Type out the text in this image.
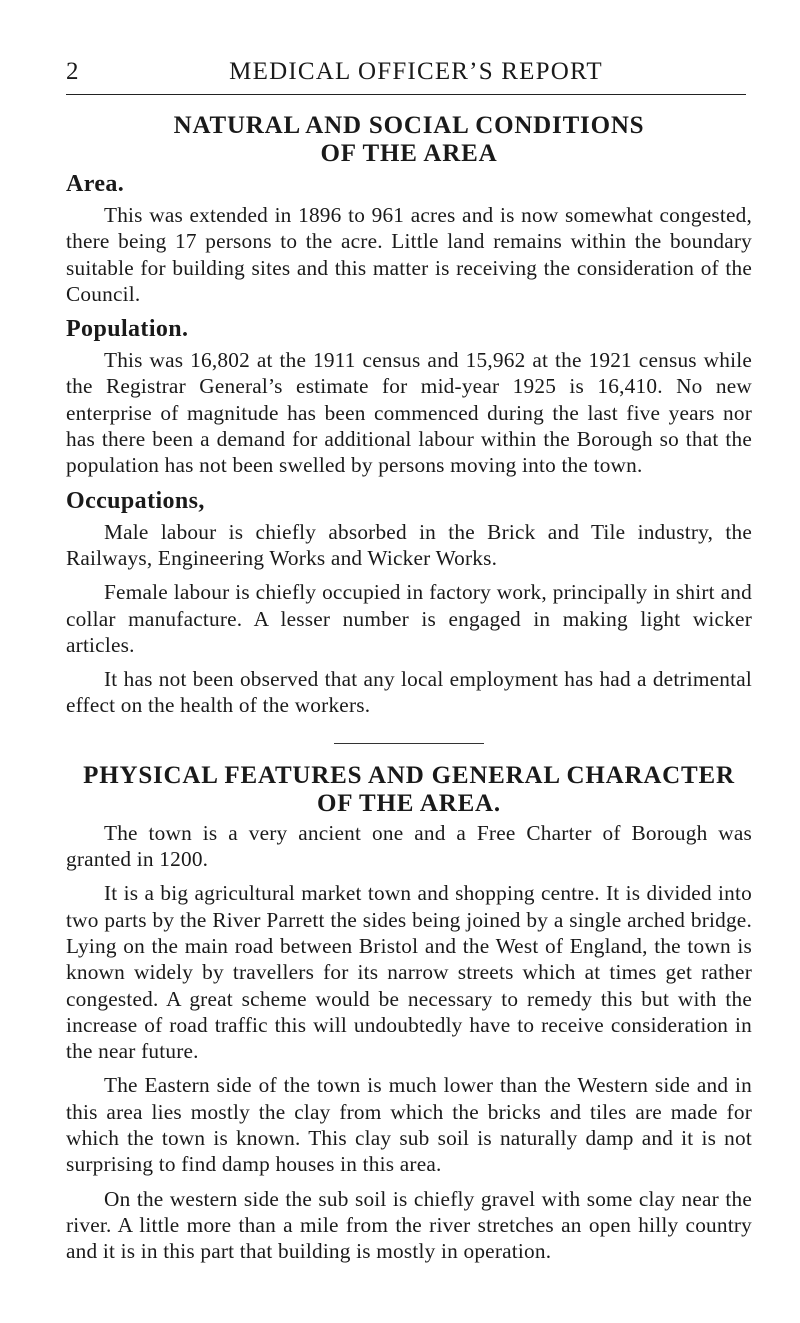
2	MEDICAL OFFICER’S REPORT
NATURAL AND SOCIAL CONDITIONS
OF THE AREA
Area.

This was extended in 1896 to 961 acres and is now somewhat congested, there being 17 persons to the acre. Little land remains within the boundary suitable for building sites and this matter is receiving the consideration of the Council.

Population.

This was 16,802 at the 1911 census and 15,962 at the 1921 census while the Registrar General’s estimate for mid-year 1925 is 16,410. No new enterprise of magnitude has been commenced during the last five years nor has there been a demand for additional labour within the Borough so that the population has not been swelled by persons moving into the town.

Occupations,

Male labour is chiefly absorbed in the Brick and Tile industry, the Railways, Engineering Works and Wicker Works.

Female labour is chiefly occupied in factory work, principally in shirt and collar manufacture. A lesser number is engaged in making light wicker articles.

It has not been observed that any local employment has had a detrimental effect on the health of the workers.

PHYSICAL FEATURES AND GENERAL CHARACTER
OF THE AREA.

The town is a very ancient one and a Free Charter of Borough was granted in 1200.

It is a big agricultural market town and shopping centre. It is divided into two parts by the River Parrett the sides being joined by a single arched bridge. Lying on the main road between Bristol and the West of England, the town is known widely by travellers for its narrow streets which at times get rather congested. A great scheme would be necessary to remedy this but with the increase of road traffic this will undoubtedly have to receive consideration in the near future.

The Eastern side of the town is much lower than the Western side and in this area lies mostly the clay from which the bricks and tiles are made for which the town is known. This clay sub soil is naturally damp and it is not surprising to find damp houses in this area.

On the western side the sub soil is chiefly gravel with some clay near the river. A little more than a mile from the river stretches an open hilly country and it is in this part that building is mostly in operation.
